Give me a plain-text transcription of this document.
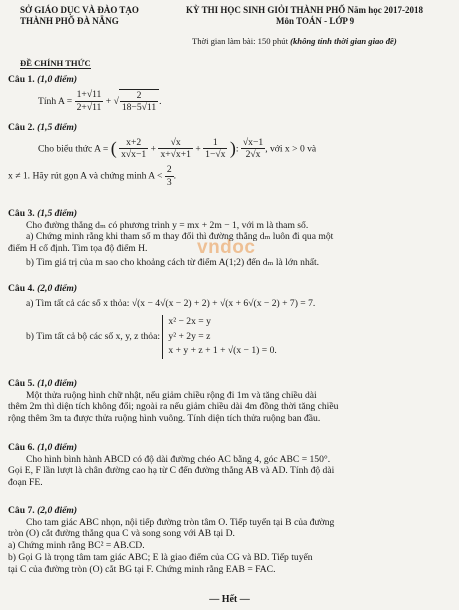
SỞ GIÁO DỤC VÀ ĐÀO TẠO
THÀNH PHỐ ĐÀ NẴNG
KỲ THI HỌC SINH GIỎI THÀNH PHỐ Năm học 2017-2018
Môn TOÁN - LỚP 9
Thời gian làm bài: 150 phút (không tính thời gian giao đề)
ĐỀ CHÍNH THỨC
Câu 1. (1,0 điểm)
Tính $A = \frac{1+√11}{2+√11}$ + √ $\frac{2}{18-5√11}$ .
Câu 2. (1,5 điểm)
Cho biểu thức A = ( $\frac{x+2}{x√x-1} + \frac{√x}{x+√x+1} + \frac{1}{1-√x}$ ): $\frac{√x-1}{2√x}$ , với x > 0 và
x ≠ 1. Hãy rút gọn A và chứng minh $A < \frac{2}{3}$ .
Câu 3. (1,5 điểm)
Cho đường thẳng dₘ có phương trình y = mx + 2m − 1, với m là tham số.
a) Chứng minh rằng khi tham số m thay đổi thì đường thẳng dₘ luôn đi qua một
điểm H cố định. Tìm tọa độ điểm H.
b) Tìm giá trị của m sao cho khoảng cách từ điểm A(1;2) đến dₘ là lớn nhất.
Câu 4. (2,0 điểm)
a) Tìm tất cả các số x thỏa: √(x − 4√(x − 2) + 2) + √(x + 6√(x − 2) + 7) = 7.
b) Tìm tất cả bộ các số x, y, z thỏa:
x² − 2x = y
y² + 2y = z
x + y + z + 1 + √(x − 1) = 0.
Câu 5. (1,0 điểm)
Một thửa ruộng hình chữ nhật, nếu giảm chiều rộng đi 1m và tăng chiều dài
thêm 2m thì diện tích không đổi; ngoài ra nếu giảm chiều dài 4m đồng thời tăng chiều
rộng thêm 3m ta được thửa ruộng hình vuông. Tính diện tích thửa ruộng ban đầu.
Câu 6. (1,0 điểm)
Cho hình bình hành ABCD có độ dài đường chéo AC bằng 4, góc ABC = 150°.
Gọi E, F lần lượt là chân đường cao hạ từ C đến đường thẳng AB và AD. Tính độ dài
đoạn FE.
Câu 7. (2,0 điểm)
Cho tam giác ABC nhọn, nội tiếp đường tròn tâm O. Tiếp tuyến tại B của đường
tròn (O) cắt đường thẳng qua C và song song với AB tại D.
a) Chứng minh rằng BC² = AB.CD.
b) Gọi G là trọng tâm tam giác ABC; E là giao điểm của CG và BD. Tiếp tuyến
tại C của đường tròn (O) cắt BG tại F. Chứng minh rằng EAB = FAC.
— Hết —
vndoc
